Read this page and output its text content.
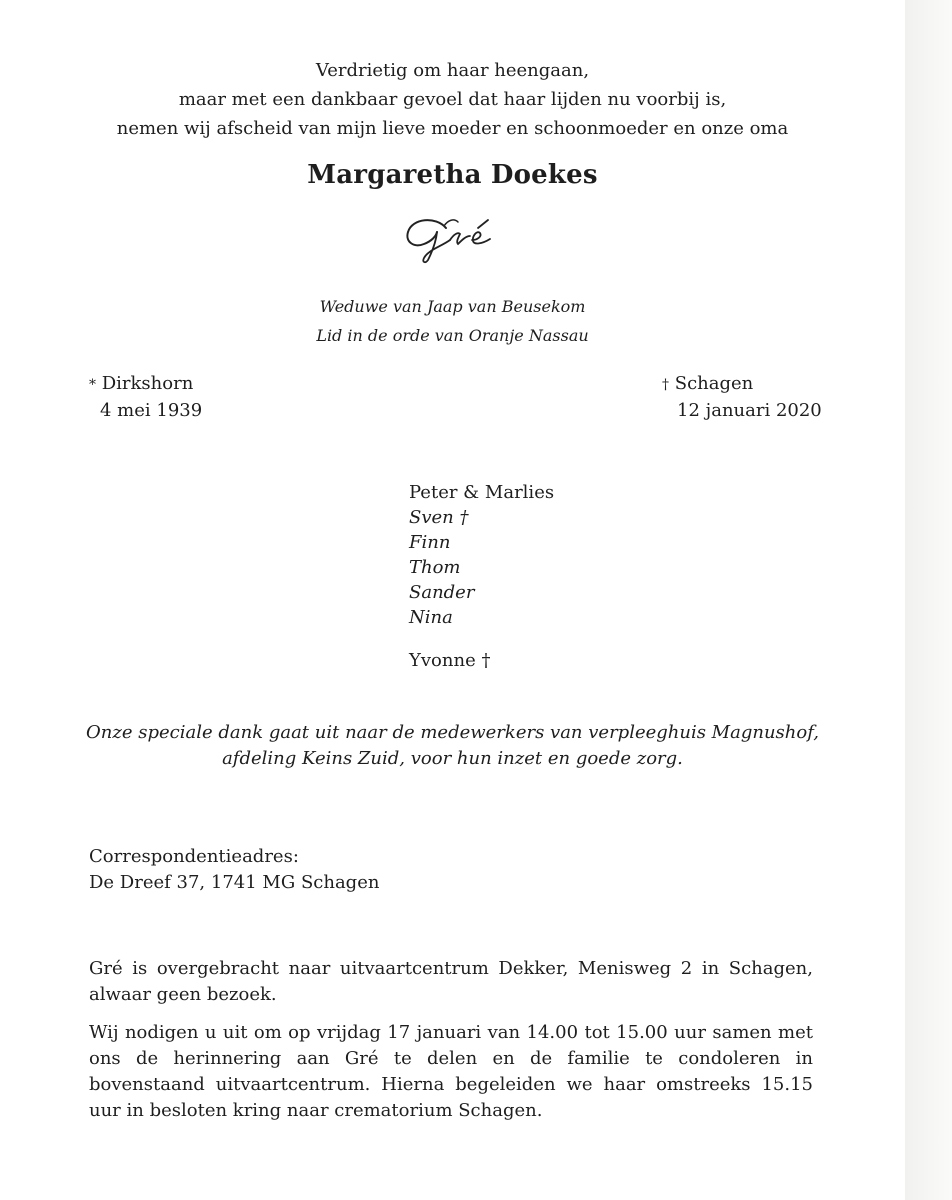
Verdrietig om haar heengaan,
maar met een dankbaar gevoel dat haar lijden nu voorbij is,
nemen wij afscheid van mijn lieve moeder en schoonmoeder en onze oma
Margaretha Doekes
Weduwe van Jaap van Beusekom
Lid in de orde van Oranje Nassau
* Dirkshorn
4 mei 1939
† Schagen
12 januari 2020
Peter & Marlies
Sven †
Finn
Thom
Sander
Nina
Yvonne †
Onze speciale dank gaat uit naar de medewerkers van verpleeghuis Magnushof,
afdeling Keins Zuid, voor hun inzet en goede zorg.
Correspondentieadres:
De Dreef 37, 1741 MG Schagen
Gré is overgebracht naar uitvaartcentrum Dekker, Menisweg 2 in Schagen, alwaar geen bezoek.
Wij nodigen u uit om op vrijdag 17 januari van 14.00 tot 15.00 uur samen met ons de herinnering aan Gré te delen en de familie te condoleren in bovenstaand uitvaartcentrum. Hierna begeleiden we haar omstreeks 15.15 uur in besloten kring naar crematorium Schagen.
